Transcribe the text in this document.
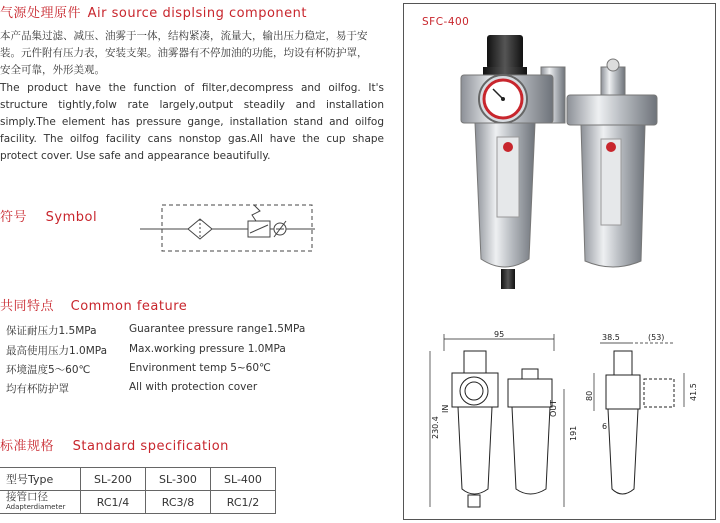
气源处理原件 Air source displsing component
本产品集过滤、减压、油雾于一体，结构紧凑，流量大，输出压力稳定，易于安装。元件附有压力表，安装支架。油雾器有不停加油的功能，均设有杯防护罩，安全可靠，外形美观。
The product have the function of filter,decompress and oilfog. It's structure tightly,folw rate largely,output steadily and installation simply.The element has pressure gange, installation stand and oilfog facility. The oilfog facility cans nonstop gas.All have the cup shape protect cover. Use safe and appearance beautifully.
符号 Symbol
共同特点 Common feature
保证耐压力1.5MPa	Guarantee pressure range1.5MPa
最高使用压力1.0MPa Max.working pressure 1.0MPa
环境温度5～60℃	Environment temp 5~60℃
均有杯防护罩	All with protection cover
标准规格 Standard specification
型号Type	SL-200	SL-300	SL-400

接管口径
Adapterdiameter	RC1/4	RC3/8	RC1/2
SFC-400
95
230.4
IN
191
OUT
38.5	(53)
80
6
41.5
